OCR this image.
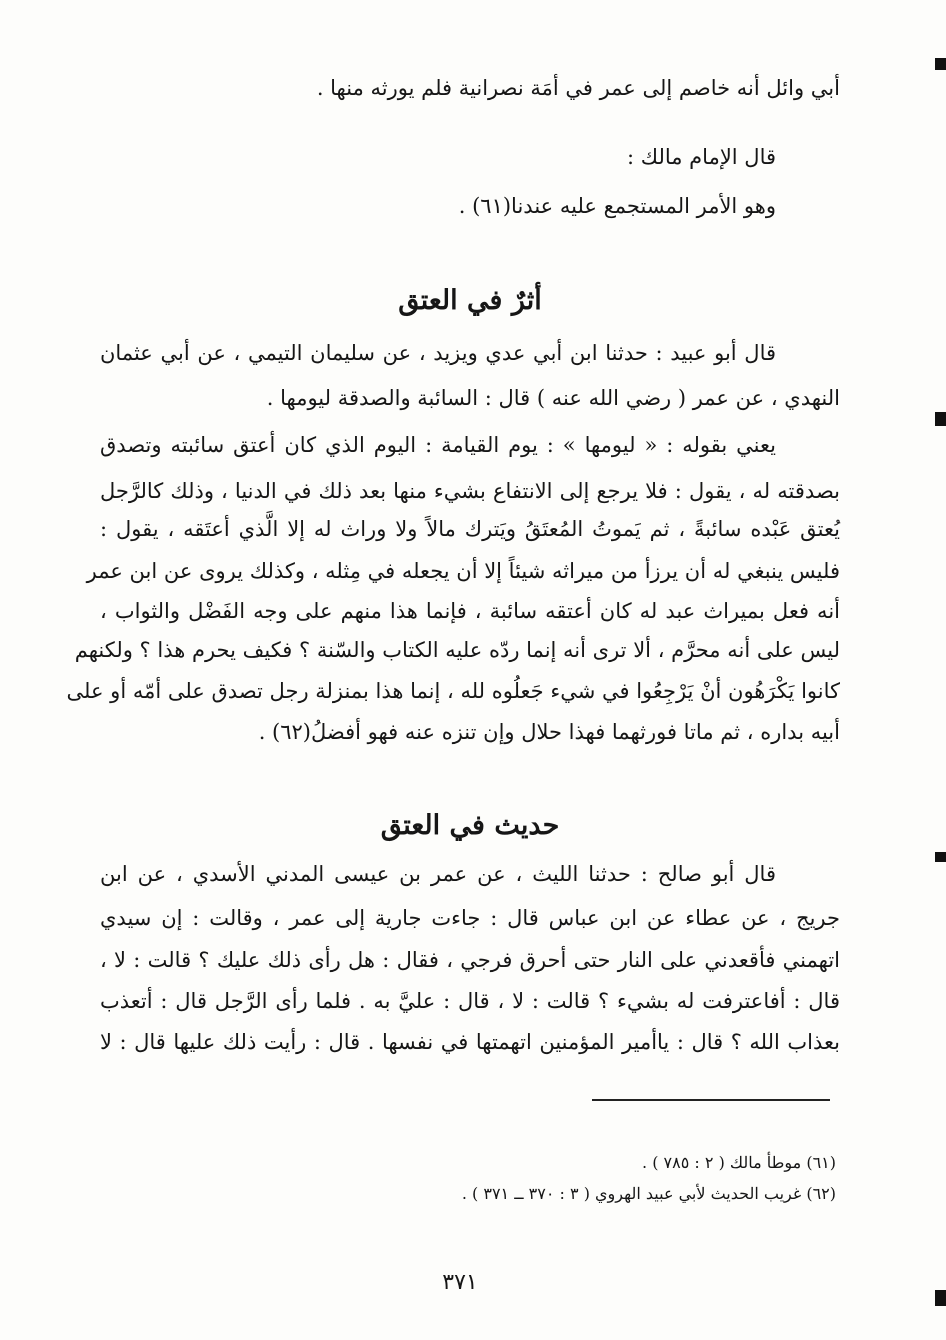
أبي وائل أنه خاصم إلى عمر في أمَة نصرانية فلم يورثه منها .
قال الإمام مالك :
وهو الأمر المستجمع عليه عندنا(٦١) .
أثرٌ في العتق
قال أبو عبيد : حدثنا ابن أبي عدي ويزيد ، عن سليمان التيمي ، عن أبي عثمان
النهدي ، عن عمر ( رضي الله عنه ) قال : السائبة والصدقة ليومها .
يعني بقوله : « ليومها » : يوم القيامة : اليوم الذي كان أعتق سائبته وتصدق
بصدقته له ، يقول : فلا يرجع إلى الانتفاع بشيء منها بعد ذلك في الدنيا ، وذلك كالرَّجل
يُعتق عَبْده سائبةً ، ثم يَموتُ المُعتَقُ ويَترك مالاً ولا وراث له إلا الَّذي أعتَقه ، يقول :
فليس ينبغي له أن يرزأ من ميراثه شيئاً إلا أن يجعله في مِثله ، وكذلك يروى عن ابن عمر
أنه فعل بميراث عبد له كان أعتقه سائبة ، فإنما هذا منهم على وجه الفَضْل والثواب ،
ليس على أنه محرَّم ، ألا ترى أنه إنما ردّه عليه الكتاب والسّنة ؟ فكيف يحرم هذا ؟ ولكنهم
كانوا يَكْرَهُون أنْ يَرْجِعُوا في شيء جَعلُوه لله ، إنما هذا بمنزلة رجل تصدق على أمّه أو على
أبيه بداره ، ثم ماتا فورثهما فهذا حلال وإن تنزه عنه فهو أفضلُ(٦٢) .
حديث في العتق
قال أبو صالح : حدثنا الليث ، عن عمر بن عيسى المدني الأسدي ، عن ابن
جريج ، عن عطاء عن ابن عباس قال : جاءت جارية إلى عمر ، وقالت : إن سيدي
اتهمني فأقعدني على النار حتى أحرق فرجي ، فقال : هل رأى ذلك عليك ؟ قالت : لا ،
قال : أفاعترفت له بشيء ؟ قالت : لا ، قال : عليَّ به . فلما رأى الرَّجل قال : أتعذب
بعذاب الله ؟ قال : ياأمير المؤمنين اتهمتها في نفسها . قال : رأيت ذلك عليها قال : لا
(٦١) موطأ مالك ( ٢ : ٧٨٥ ) .
(٦٢) غريب الحديث لأبي عبيد الهروي ( ٣ : ٣٧٠ ــ ٣٧١ ) .
٣٧١
